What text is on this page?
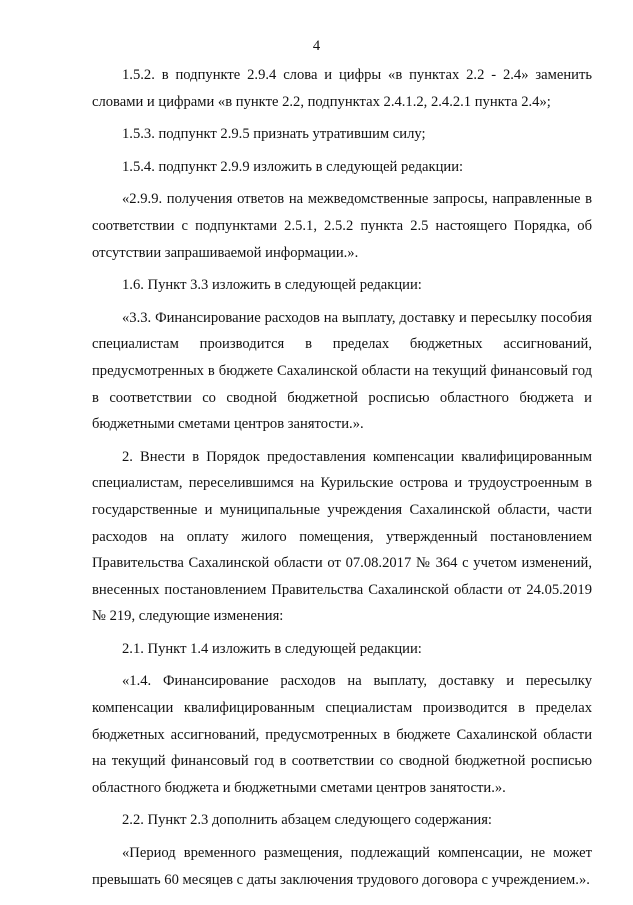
4

1.5.2. в подпункте 2.9.4 слова и цифры «в пунктах 2.2 - 2.4» заменить словами и цифрами «в пункте 2.2, подпунктах 2.4.1.2, 2.4.2.1 пункта 2.4»;

1.5.3. подпункт 2.9.5 признать утратившим силу;

1.5.4. подпункт 2.9.9 изложить в следующей редакции:

«2.9.9. получения ответов на межведомственные запросы, направленные в соответствии с подпунктами 2.5.1, 2.5.2 пункта 2.5 настоящего Порядка, об отсутствии запрашиваемой информации.».

1.6. Пункт 3.3 изложить в следующей редакции:

«3.3. Финансирование расходов на выплату, доставку и пересылку пособия специалистам производится в пределах бюджетных ассигнований, предусмотренных в бюджете Сахалинской области на текущий финансовый год в соответствии со сводной бюджетной росписью областного бюджета и бюджетными сметами центров занятости.».

2. Внести в Порядок предоставления компенсации квалифицированным специалистам, переселившимся на Курильские острова и трудоустроенным в государственные и муниципальные учреждения Сахалинской области, части расходов на оплату жилого помещения, утвержденный постановлением Правительства Сахалинской области от 07.08.2017 № 364 с учетом изменений, внесенных постановлением Правительства Сахалинской области от 24.05.2019 № 219, следующие изменения:

2.1. Пункт 1.4 изложить в следующей редакции:

«1.4. Финансирование расходов на выплату, доставку и пересылку компенсации квалифицированным специалистам производится в пределах бюджетных ассигнований, предусмотренных в бюджете Сахалинской области на текущий финансовый год в соответствии со сводной бюджетной росписью областного бюджета и бюджетными сметами центров занятости.».

2.2. Пункт 2.3 дополнить абзацем следующего содержания:

«Период временного размещения, подлежащий компенсации, не может превышать 60 месяцев с даты заключения трудового договора с учреждением.».
